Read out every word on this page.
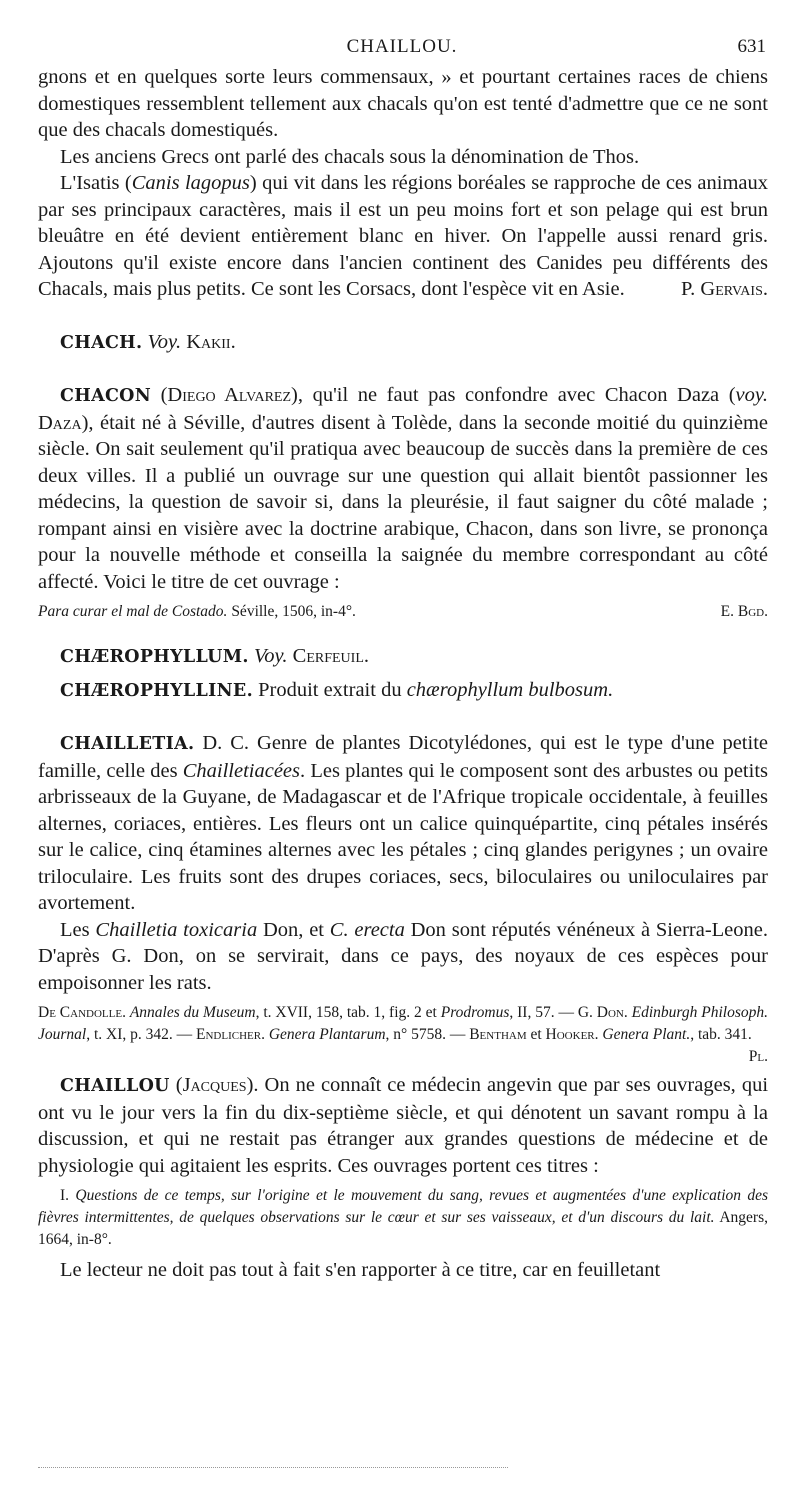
CHAILLOU.	631

gnons et en quelques sorte leurs commensaux, » et pourtant certaines races de chiens domestiques ressemblent tellement aux chacals qu'on est tenté d'admettre que ce ne sont que des chacals domestiqués.

Les anciens Grecs ont parlé des chacals sous la dénomination de Thos.

L'Isatis (Canis lagopus) qui vit dans les régions boréales se rapproche de ces animaux par ses principaux caractères, mais il est un peu moins fort et son pelage qui est brun bleuâtre en été devient entièrement blanc en hiver. On l'appelle aussi renard gris. Ajoutons qu'il existe encore dans l'ancien continent des Canides peu différents des Chacals, mais plus petits. Ce sont les Corsacs, dont l'espèce vit en Asie.	P. Gervais.

CHACH. Voy. Kakii.

CHACON (Diego Alvarez), qu'il ne faut pas confondre avec Chacon Daza (voy. Daza), était né à Séville, d'autres disent à Tolède, dans la seconde moitié du quinzième siècle. On sait seulement qu'il pratiqua avec beaucoup de succès dans la première de ces deux villes. Il a publié un ouvrage sur une question qui allait bientôt passionner les médecins, la question de savoir si, dans la pleurésie, il faut saigner du côté malade ; rompant ainsi en visière avec la doctrine arabique, Chacon, dans son livre, se prononça pour la nouvelle méthode et conseilla la saignée du membre correspondant au côté affecté. Voici le titre de cet ouvrage :

Para curar el mal de Costado. Séville, 1506, in-4°.	E. Bgd.

CHÆROPHYLLUM. Voy. Cerfeuil.

CHÆROPHYLLINE. Produit extrait du chærophyllum bulbosum.

CHAILLETIA. D. C. Genre de plantes Dicotylédones, qui est le type d'une petite famille, celle des Chailletiacées. Les plantes qui le composent sont des arbustes ou petits arbrisseaux de la Guyane, de Madagascar et de l'Afrique tropicale occidentale, à feuilles alternes, coriaces, entières. Les fleurs ont un calice quinquépartite, cinq pétales insérés sur le calice, cinq étamines alternes avec les pétales ; cinq glandes perigynes ; un ovaire triloculaire. Les fruits sont des drupes coriaces, secs, biloculaires ou uniloculaires par avortement.

Les Chailletia toxicaria Don, et C. erecta Don sont réputés vénéneux à Sierra-Leone. D'après G. Don, on se servirait, dans ce pays, des noyaux de ces espèces pour empoisonner les rats.

De Candolle. Annales du Museum, t. XVII, 158, tab. 1, fig. 2 et Prodromus, II, 57. — G. Don. Edinburgh Philosoph. Journal, t. XI, p. 342. — Endlicher. Genera Plantarum, n° 5758. — Bentham et Hooker. Genera Plant., tab. 341.
Pl.

CHAILLOU (Jacques). On ne connaît ce médecin angevin que par ses ouvrages, qui ont vu le jour vers la fin du dix-septième siècle, et qui dénotent un savant rompu à la discussion, et qui ne restait pas étranger aux grandes questions de médecine et de physiologie qui agitaient les esprits. Ces ouvrages portent ces titres :

I. Questions de ce temps, sur l'origine et le mouvement du sang, revues et augmentées d'une explication des fièvres intermittentes, de quelques observations sur le cœur et sur ses vaisseaux, et d'un discours du lait. Angers, 1664, in-8°.

Le lecteur ne doit pas tout à fait s'en rapporter à ce titre, car en feuilletant
